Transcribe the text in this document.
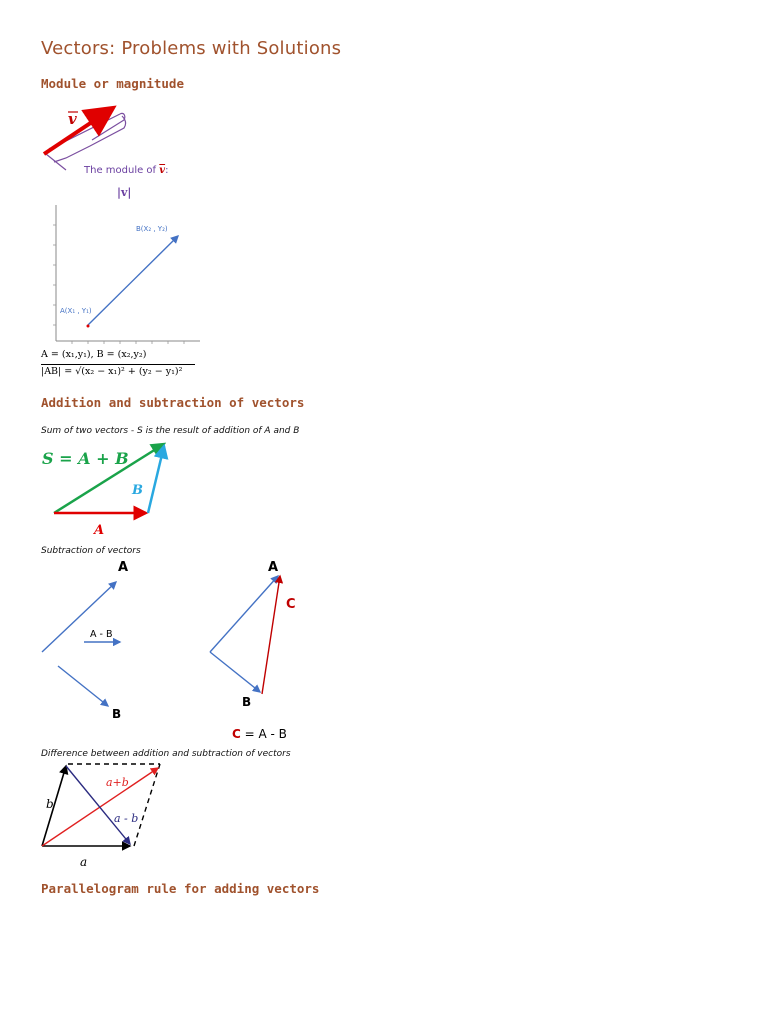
Vectors: Problems with Solutions
Module or magnitude
v
The module of $\overline{v}$:
|v|
B(X₂ , Y₂)
A(X₁ , Y₁)
A = (x₁,y₁), B = (x₂,y₂)
|AB| = √(x₂ − x₁)² + (y₂ − y₁)²
Addition and subtraction of vectors
Sum of two vectors - S is the result of addition of A and B
S = A + B
B
A
Subtraction of vectors
A
B
A - B
A
C
B
C = A - B
Difference between addition and subtraction of vectors
b
a
a+b
a - b
Parallelogram rule for adding vectors
